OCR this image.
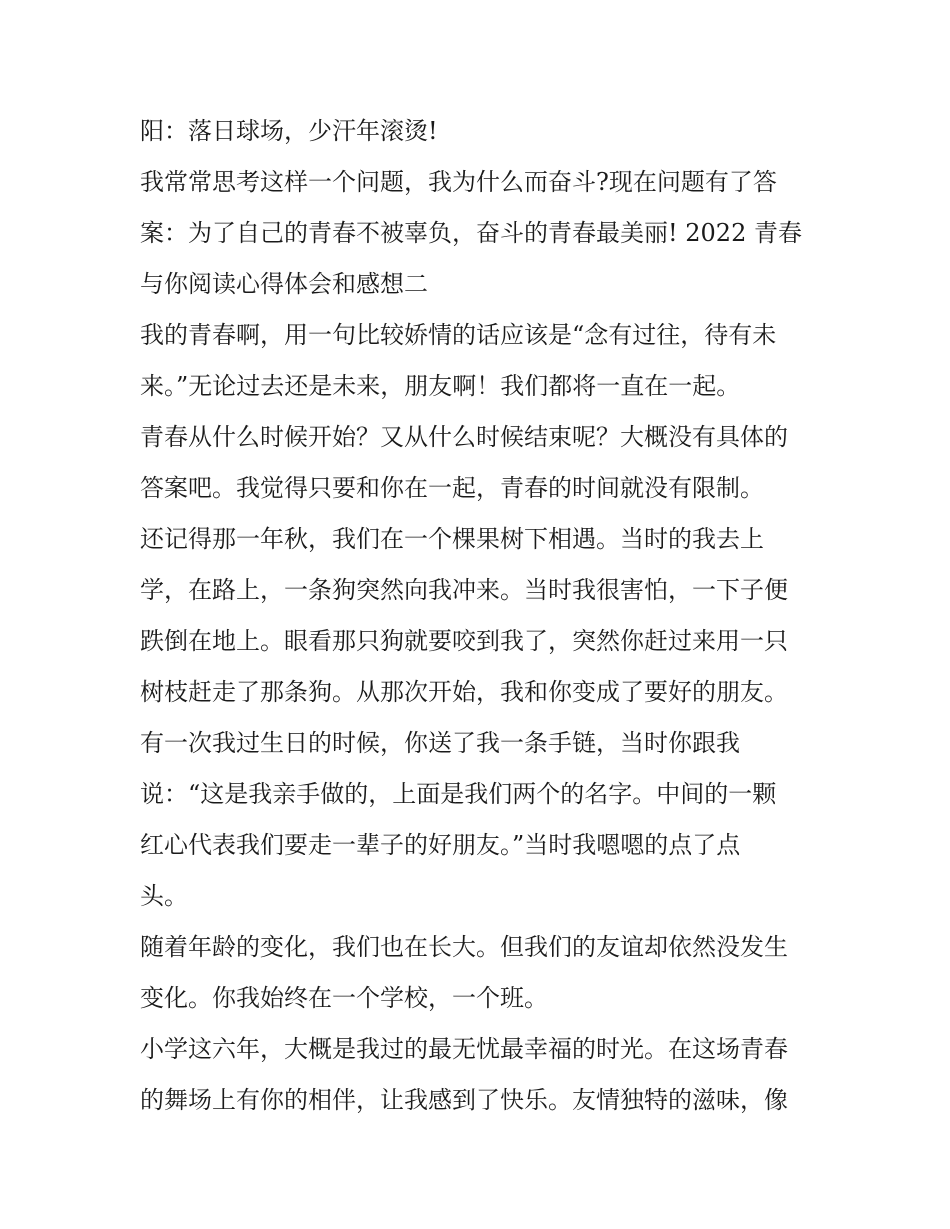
阳：落日球场，少汗年滚烫!
我常常思考这样一个问题，我为什么而奋斗?现在问题有了答
案：为了自己的青春不被辜负，奋斗的青春最美丽! 2022 青春
与你阅读心得体会和感想二
我的青春啊，用一句比较娇情的话应该是“念有过往，待有未
来。”无论过去还是未来，朋友啊！我们都将一直在一起。
青春从什么时候开始？又从什么时候结束呢？大概没有具体的
答案吧。我觉得只要和你在一起，青春的时间就没有限制。
还记得那一年秋，我们在一个棵果树下相遇。当时的我去上
学，在路上，一条狗突然向我冲来。当时我很害怕，一下子便
跌倒在地上。眼看那只狗就要咬到我了，突然你赶过来用一只
树枝赶走了那条狗。从那次开始，我和你变成了要好的朋友。
有一次我过生日的时候，你送了我一条手链，当时你跟我
说：“这是我亲手做的，上面是我们两个的名字。中间的一颗
红心代表我们要走一辈子的好朋友。”当时我嗯嗯的点了点
头。
随着年龄的变化，我们也在长大。但我们的友谊却依然没发生
变化。你我始终在一个学校，一个班。
小学这六年，大概是我过的最无忧最幸福的时光。在这场青春
的舞场上有你的相伴，让我感到了快乐。友情独特的滋味，像
